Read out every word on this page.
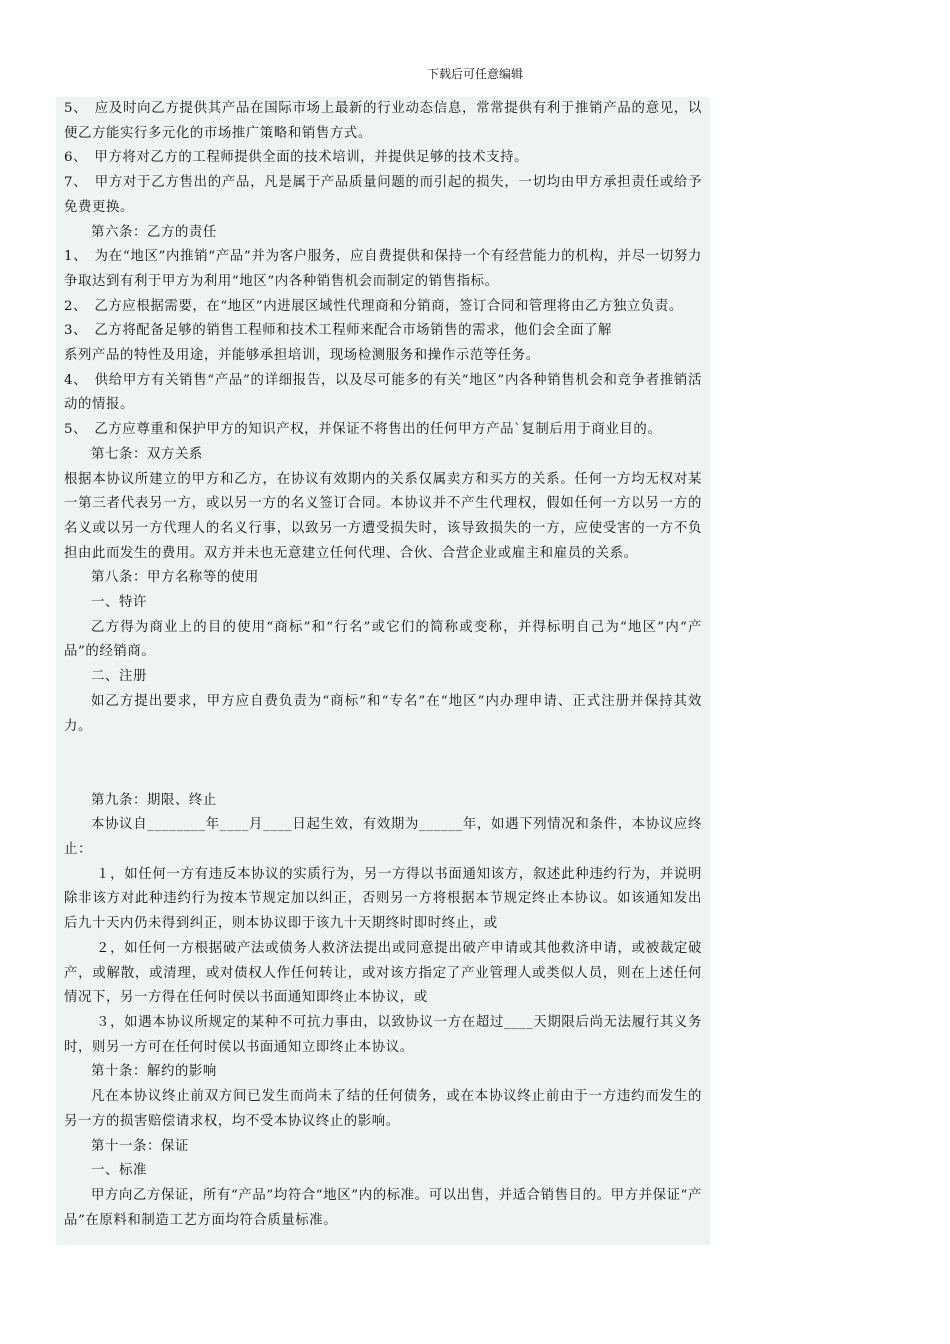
下载后可任意编辑

5、　应及时向乙方提供其产品在国际市场上最新的行业动态信息，常常提供有利于推销产品的意见，以便乙方能实行多元化的市场推广策略和销售方式。

6、　甲方将对乙方的工程师提供全面的技术培训，并提供足够的技术支持。

7、　甲方对于乙方售出的产品，凡是属于产品质量问题的而引起的损失，一切均由甲方承担责任或给予免费更换。

第六条：乙方的责任

1、　为在“地区”内推销“产品”并为客户服务，应自费提供和保持一个有经营能力的机构，并尽一切努力争取达到有利于甲方为利用“地区”内各种销售机会而制定的销售指标。

2、　乙方应根据需要，在“地区”内进展区域性代理商和分销商，签订合同和管理将由乙方独立负责。

3、　乙方将配备足够的销售工程师和技术工程师来配合市场销售的需求，他们会全面了解

系列产品的特性及用途，并能够承担培训，现场检测服务和操作示范等任务。

4、　供给甲方有关销售“产品”的详细报告，以及尽可能多的有关“地区”内各种销售机会和竞争者推销活动的情报。

5、　乙方应尊重和保护甲方的知识产权，并保证不将售出的任何甲方产品`复制后用于商业目的。

第七条：双方关系

根据本协议所建立的甲方和乙方，在协议有效期内的关系仅属卖方和买方的关系。任何一方均无权对某一第三者代表另一方，或以另一方的名义签订合同。本协议并不产生代理权，假如任何一方以另一方的名义或以另一方代理人的名义行事，以致另一方遭受损失时，该导致损失的一方，应使受害的一方不负担由此而发生的费用。双方并未也无意建立任何代理、合伙、合营企业或雇主和雇员的关系。

第八条：甲方名称等的使用

一、特许

乙方得为商业上的目的使用“商标”和“行名”或它们的简称或变称，并得标明自己为“地区”内“产品”的经销商。

二、注册

如乙方提出要求，甲方应自费负责为“商标”和“专名”在“地区”内办理申请、正式注册并保持其效力。

第九条：期限、终止

本协议自________年____月____日起生效，有效期为______年，如遇下列情况和条件，本协议应终止：

１，如任何一方有违反本协议的实质行为，另一方得以书面通知该方，叙述此种违约行为，并说明除非该方对此种违约行为按本节规定加以纠正，否则另一方将根据本节规定终止本协议。如该通知发出后九十天内仍未得到纠正，则本协议即于该九十天期终时即时终止，或

２，如任何一方根据破产法或债务人救济法提出或同意提出破产申请或其他救济申请，或被裁定破产，或解散，或清理，或对债权人作任何转让，或对该方指定了产业管理人或类似人员，则在上述任何情况下，另一方得在任何时侯以书面通知即终止本协议，或

３，如遇本协议所规定的某种不可抗力事由，以致协议一方在超过____天期限后尚无法履行其义务时，则另一方可在任何时侯以书面通知立即终止本协议。

第十条：解约的影响

凡在本协议终止前双方间已发生而尚未了结的任何债务，或在本协议终止前由于一方违约而发生的另一方的损害赔偿请求权，均不受本协议终止的影响。

第十一条：保证

一、标准

甲方向乙方保证，所有“产品”均符合“地区”内的标准。可以出售，并适合销售目的。甲方并保证“产品”在原料和制造工艺方面均符合质量标准。
